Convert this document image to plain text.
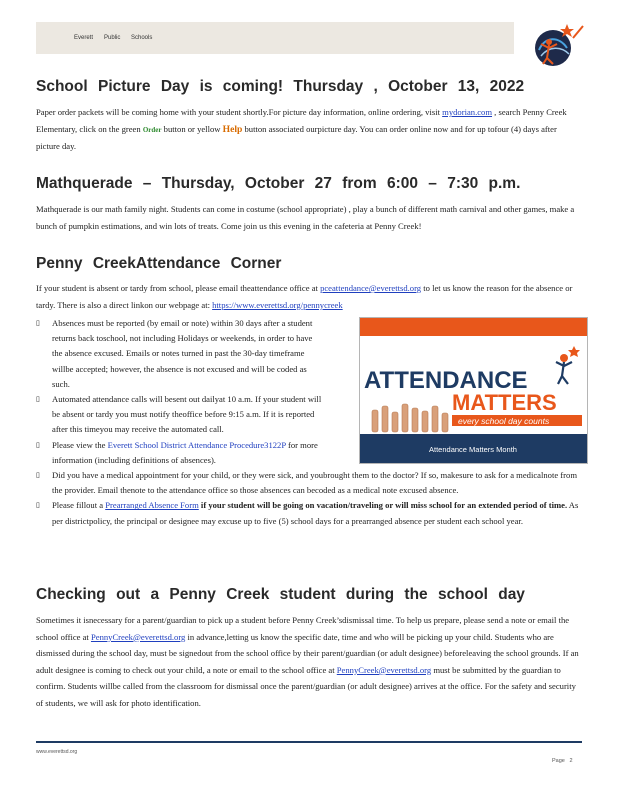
Everett Public Schools
School Picture Day is coming! Thursday , October 13, 2022

Paper order packets will be coming home with your student shortly.For picture day information, online ordering, visit mydorian.com , search Penny Creek Elementary, click on the green Order button or yellow Help button associated ourpicture day. You can order online now and for up tofour (4) days after picture day.

Mathquerade – Thursday, October 27 from 6:00 – 7:30 p.m.

Mathquerade is our math family night. Students can come in costume (school appropriate) , play a bunch of different math carnival and other games, make a bunch of pumpkin estimations, and win lots of treats. Come join us this evening in the cafeteria at Penny Creek!

Penny CreekAttendance Corner

If your student is absent or tardy from school, please email theattendance office at pceattendance@everettsd.org to let us know the reason for the absence or tardy. There is also a direct linkon our webpage at: https://www.everettsd.org/pennycreek

▯ Absences must be reported (by email or note) within 30 days after a student returns back toschool, not including Holidays or weekends, in order to have the absence excused. Emails or notes turned in past the 30-day timeframe willbe accepted; however, the absence is not excused and will be coded as such.
▯ Automated attendance calls will besent out dailyat 10 a.m. If your student will be absent or tardy you must notify theoffice before 9:15 a.m. If it is reported after this timeyou may receive the automated call.
▯ Please view the Everett School District Attendance Procedure3122P for more information (including definitions of absences).
▯ Did you have a medical appointment for your child, or they were sick, and youbrought them to the doctor? If so, makesure to ask for a medicalnote from the provider. Email thenote to the attendance office so those absences can becoded as a medical note excused absence.
▯ Please fillout a Prearranged Absence Form if your student will be going on vacation/traveling or will miss school for an extended period of time. As per districtpolicy, the principal or designee may excuse up to five (5) school days for a prearranged absence per student each school year.
ATTENDANCE
MATTERS
every school day counts
Attendance Matters Month
Checking out a Penny Creek student during the school day

Sometimes it isnecessary for a parent/guardian to pick up a student before Penny Creek’sdismissal time. To help us prepare, please send a note or email the school office at PennyCreek@everettsd.org in advance,letting us know the specific date, time and who will be picking up your child. Students who are dismissed during the school day, must be signedout from the school office by their parent/guardian (or adult designee) beforeleaving the school grounds. If an adult designee is coming to check out your child, a note or email to the school office at PennyCreek@everettsd.org must be submitted by the guardian to confirm. Students willbe called from the classroom for dismissal once the parent/guardian (or adult designee) arrives at the office. For the safety and security of students, we will ask for photo identification.

www.everettsd.org
Page 2
